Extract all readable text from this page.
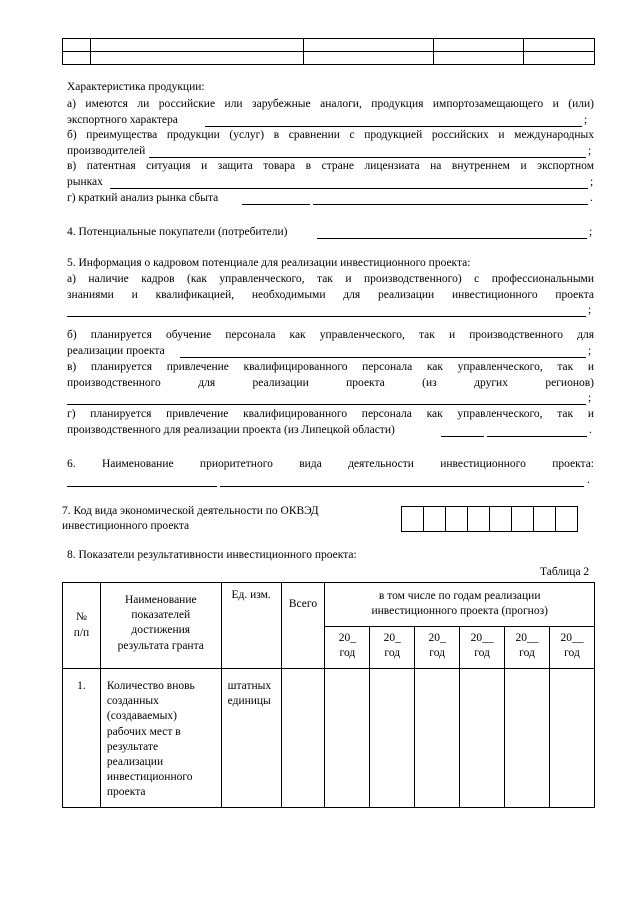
Характеристика продукции:
а) имеются ли российские или зарубежные аналоги, продукция импортозамещающего и (или)
экспортного характера	;
б) преимущества продукции (услуг) в сравнении с продукцией российских и международных
производителей	;
в) патентная ситуация и защита товара в стране лицензиата на внутреннем и экспортном
рынках	;
г) краткий анализ рынка сбыта	.
4. Потенциальные покупатели (потребители)	;
5. Информация о кадровом потенциале для реализации инвестиционного проекта:
а) наличие кадров (как управленческого, так и производственного) с профессиональными
знаниями и квалификацией, необходимыми для реализации инвестиционного проекта
;
б) планируется обучение персонала как управленческого, так и производственного для
реализации проекта	;
в) планируется привлечение квалифицированного персонала как управленческого, так и
производственного для реализации проекта (из других регионов)
;
г) планируется привлечение квалифицированного персонала как управленческого, так и
производственного для реализации проекта (из Липецкой области)	.
6. Наименование приоритетного вида деятельности инвестиционного проекта:
.
7. Код вида экономической деятельности по ОКВЭД
инвестиционного проекта

8. Показатели результативности инвестиционного проекта:
Таблица 2
№ п/п	Наименование показателей достижения результата гранта	Ед. изм.	Всего	в том числе по годам реализации инвестиционного проекта (прогноз)					
				20_ год	20_ год	20_ год	20__ год	20__ год	20__ год
1.	Количество вновь созданных (создаваемых) рабочих мест в результате реализации инвестиционного проекта	штатных единицы							
